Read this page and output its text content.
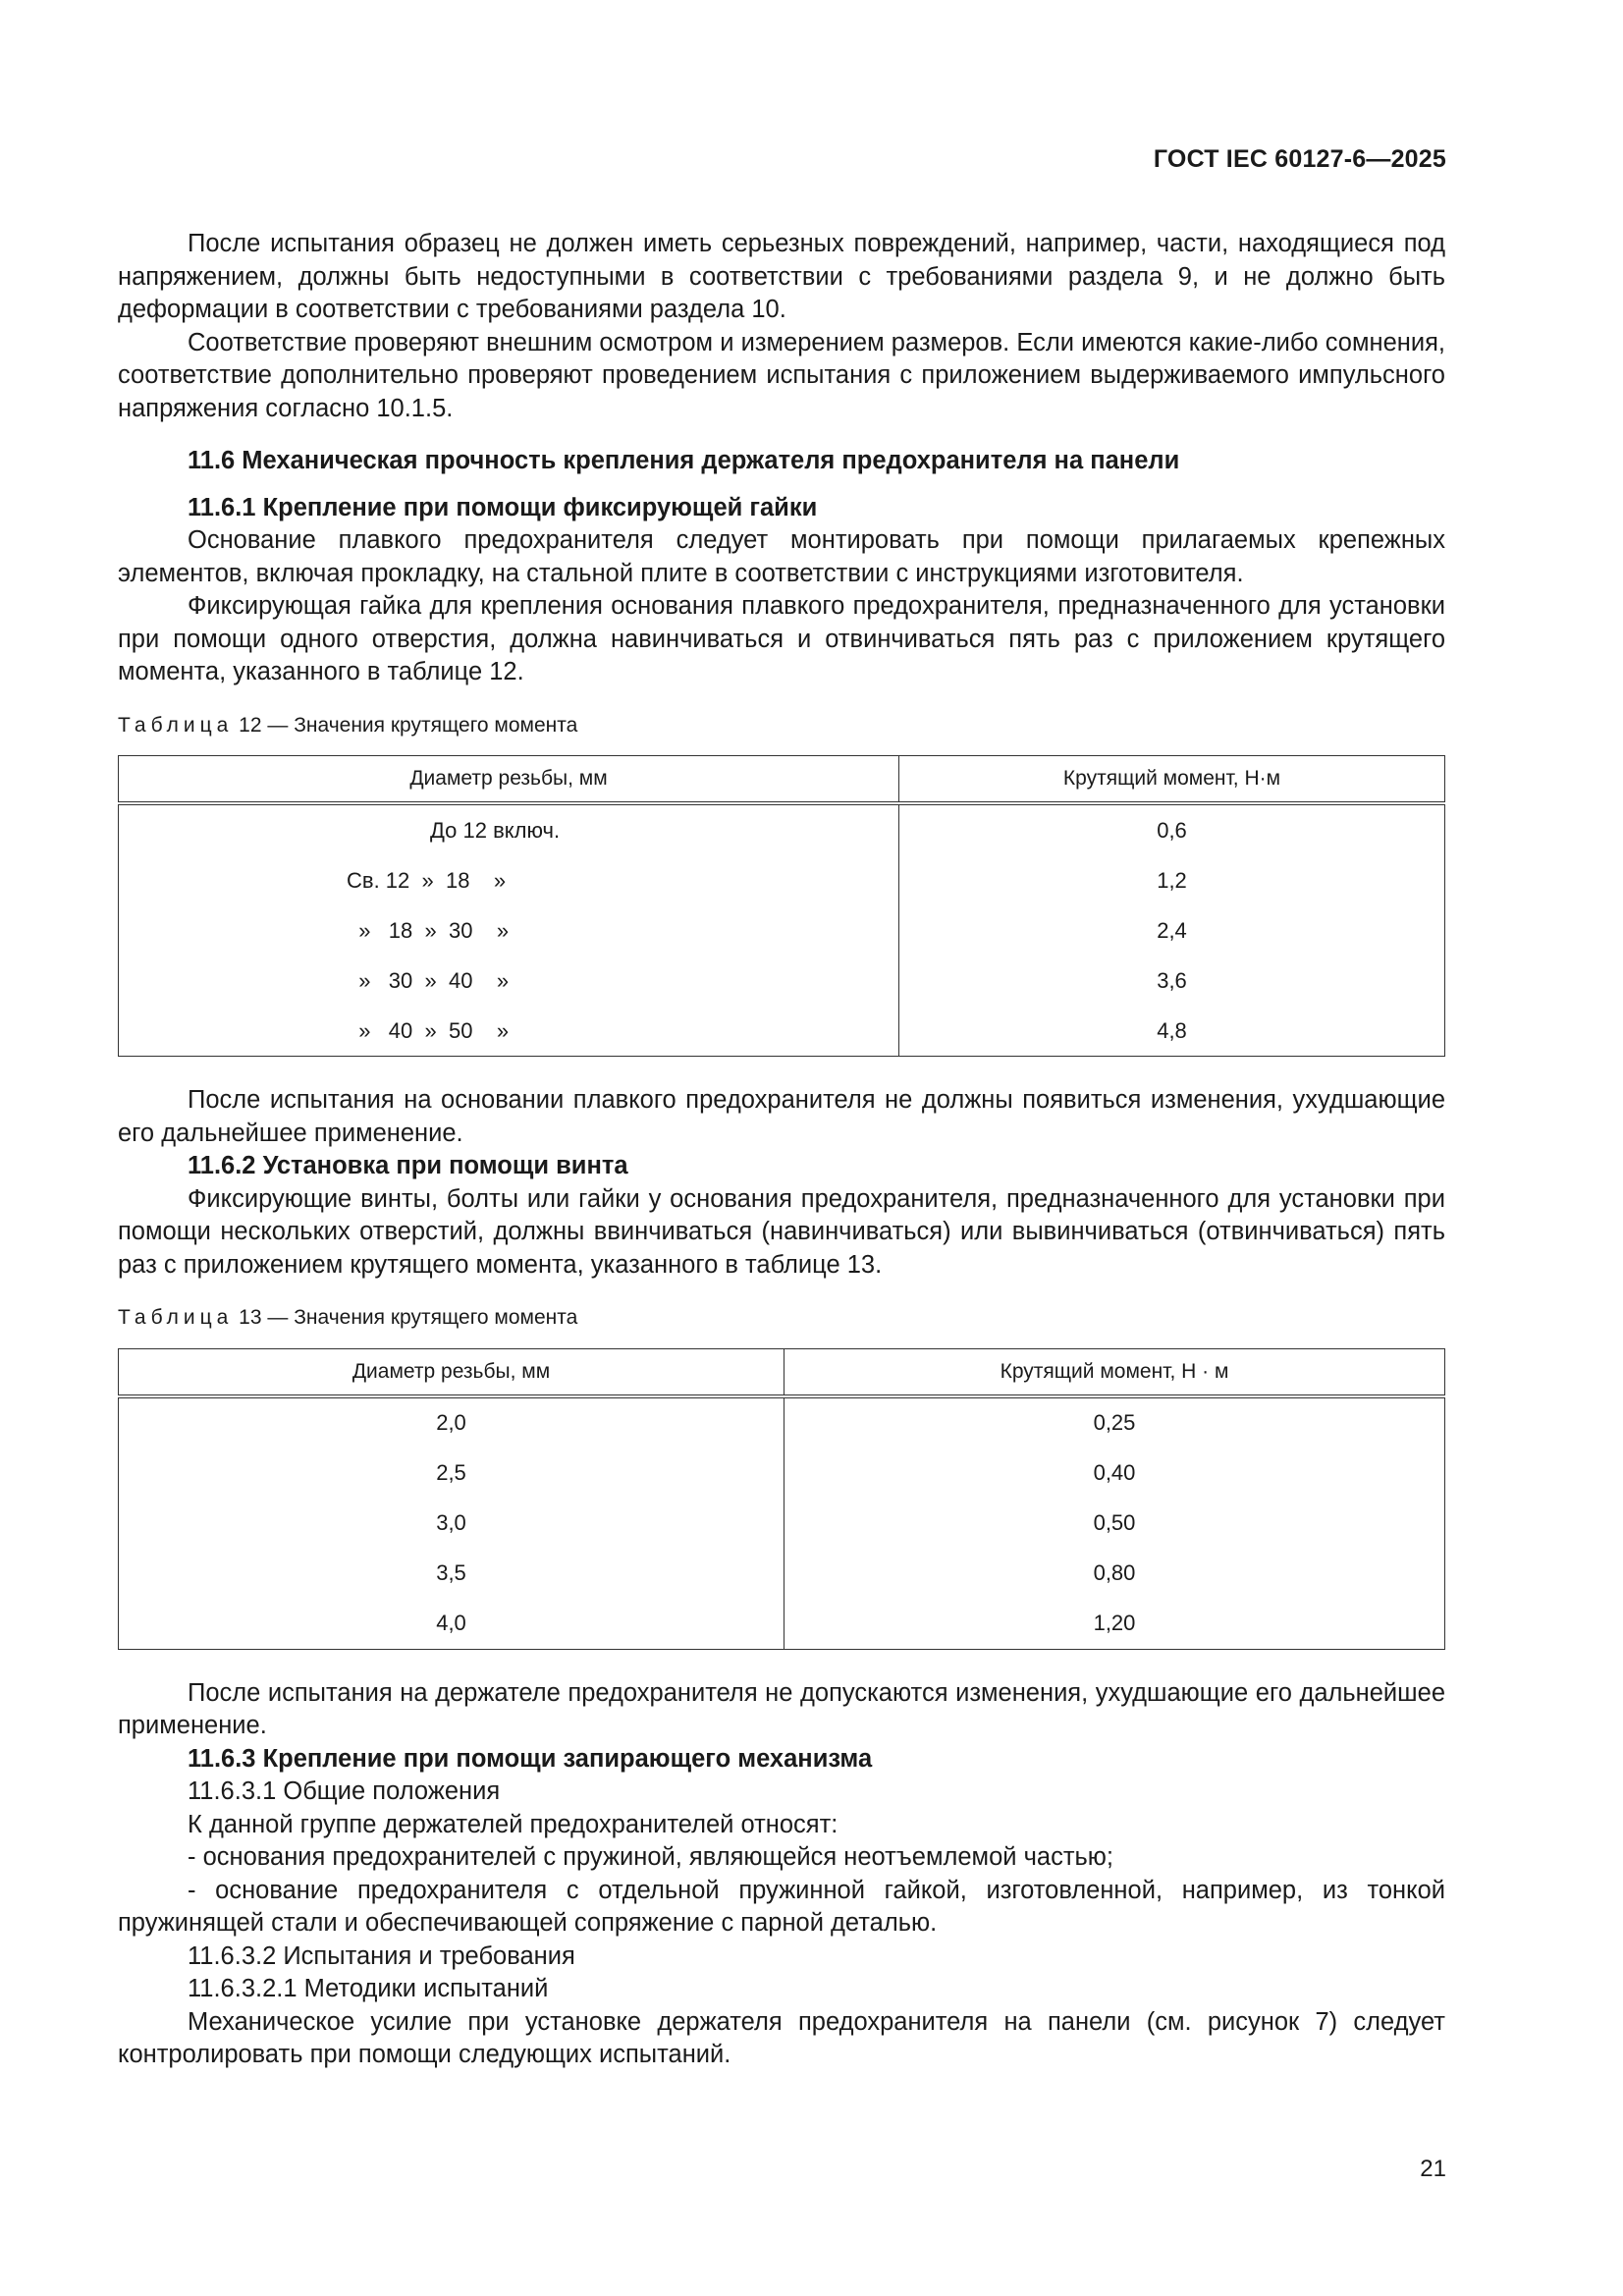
ГОСТ IEC 60127-6—2025

После испытания образец не должен иметь серьезных повреждений, например, части, находящиеся под напряжением, должны быть недоступными в соответствии с требованиями раздела 9, и не должно быть деформации в соответствии с требованиями раздела 10.

Соответствие проверяют внешним осмотром и измерением размеров. Если имеются какие-либо сомнения, соответствие дополнительно проверяют проведением испытания с приложением выдерживаемого импульсного напряжения согласно 10.1.5.

11.6 Механическая прочность крепления держателя предохранителя на панели

11.6.1 Крепление при помощи фиксирующей гайки

Основание плавкого предохранителя следует монтировать при помощи прилагаемых крепежных элементов, включая прокладку, на стальной плите в соответствии с инструкциями изготовителя.

Фиксирующая гайка для крепления основания плавкого предохранителя, предназначенного для установки при помощи одного отверстия, должна навинчиваться и отвинчиваться пять раз с приложением крутящего момента, указанного в таблице 12.

Таблица 12 — Значения крутящего момента

Диаметр резьбы, мм	Крутящий момент, Н·м
До 12 включ.	0,6
Св. 12  »  18    »	1,2
»   18  »  30    »	2,4
»   30  »  40    »	3,6
»   40  »  50    »	4,8

После испытания на основании плавкого предохранителя не должны появиться изменения, ухудшающие его дальнейшее применение.

11.6.2 Установка при помощи винта

Фиксирующие винты, болты или гайки у основания предохранителя, предназначенного для установки при помощи нескольких отверстий, должны ввинчиваться (навинчиваться) или вывинчиваться (отвинчиваться) пять раз с приложением крутящего момента, указанного в таблице 13.

Таблица 13 — Значения крутящего момента

Диаметр резьбы, мм	Крутящий момент, Н · м
2,0	0,25
2,5	0,40
3,0	0,50
3,5	0,80
4,0	1,20

После испытания на держателе предохранителя не допускаются изменения, ухудшающие его дальнейшее применение.

11.6.3 Крепление при помощи запирающего механизма

11.6.3.1 Общие положения

К данной группе держателей предохранителей относят:

- основания предохранителей с пружиной, являющейся неотъемлемой частью;

- основание предохранителя с отдельной пружинной гайкой, изготовленной, например, из тонкой пружинящей стали и обеспечивающей сопряжение с парной деталью.

11.6.3.2 Испытания и требования

11.6.3.2.1 Методики испытаний

Механическое усилие при установке держателя предохранителя на панели (см. рисунок 7) следует контролировать при помощи следующих испытаний.

21
